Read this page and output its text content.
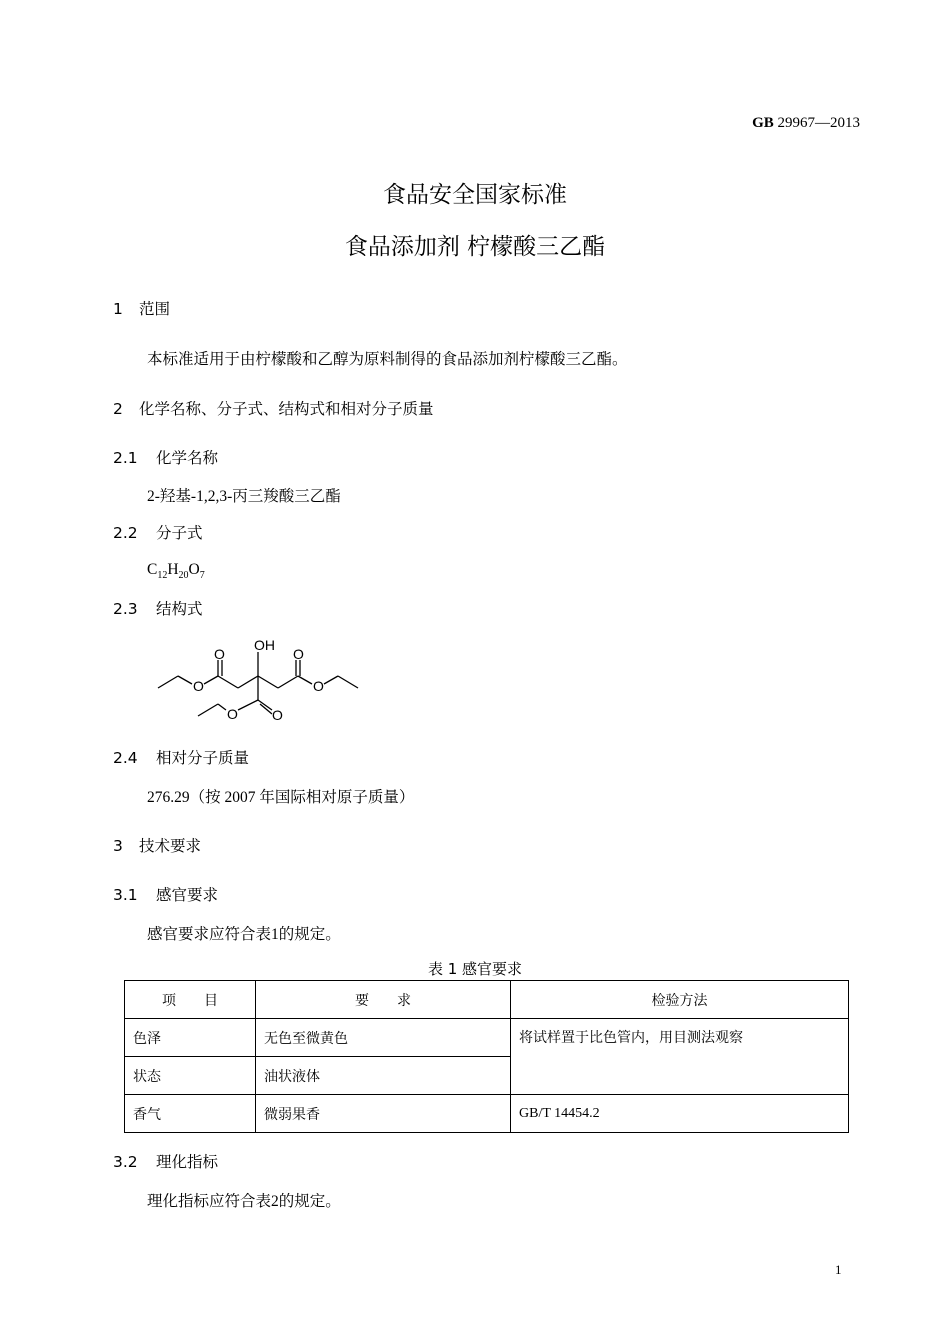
GB 29967—2013
食品安全国家标准
食品添加剂 柠檬酸三乙酯
1 范围
本标准适用于由柠檬酸和乙醇为原料制得的食品添加剂柠檬酸三乙酯。
2 化学名称、分子式、结构式和相对分子质量
2.1 化学名称
2-羟基-1,2,3-丙三羧酸三乙酯
2.2 分子式
$C_{12}H_{20}O_7$
2.3 结构式
OH
O
O
O
O
O O
2.4 相对分子质量
276.29（按 2007 年国际相对原子质量）
3 技术要求
3.1 感官要求
感官要求应符合表1的规定。
表 1 感官要求
项　　目	要　　求	检验方法
色泽	无色至微黄色	将试样置于比色管内，用目测法观察
状态	油状液体	
香气	微弱果香	GB/T 14454.2
3.2 理化指标
理化指标应符合表2的规定。
1
